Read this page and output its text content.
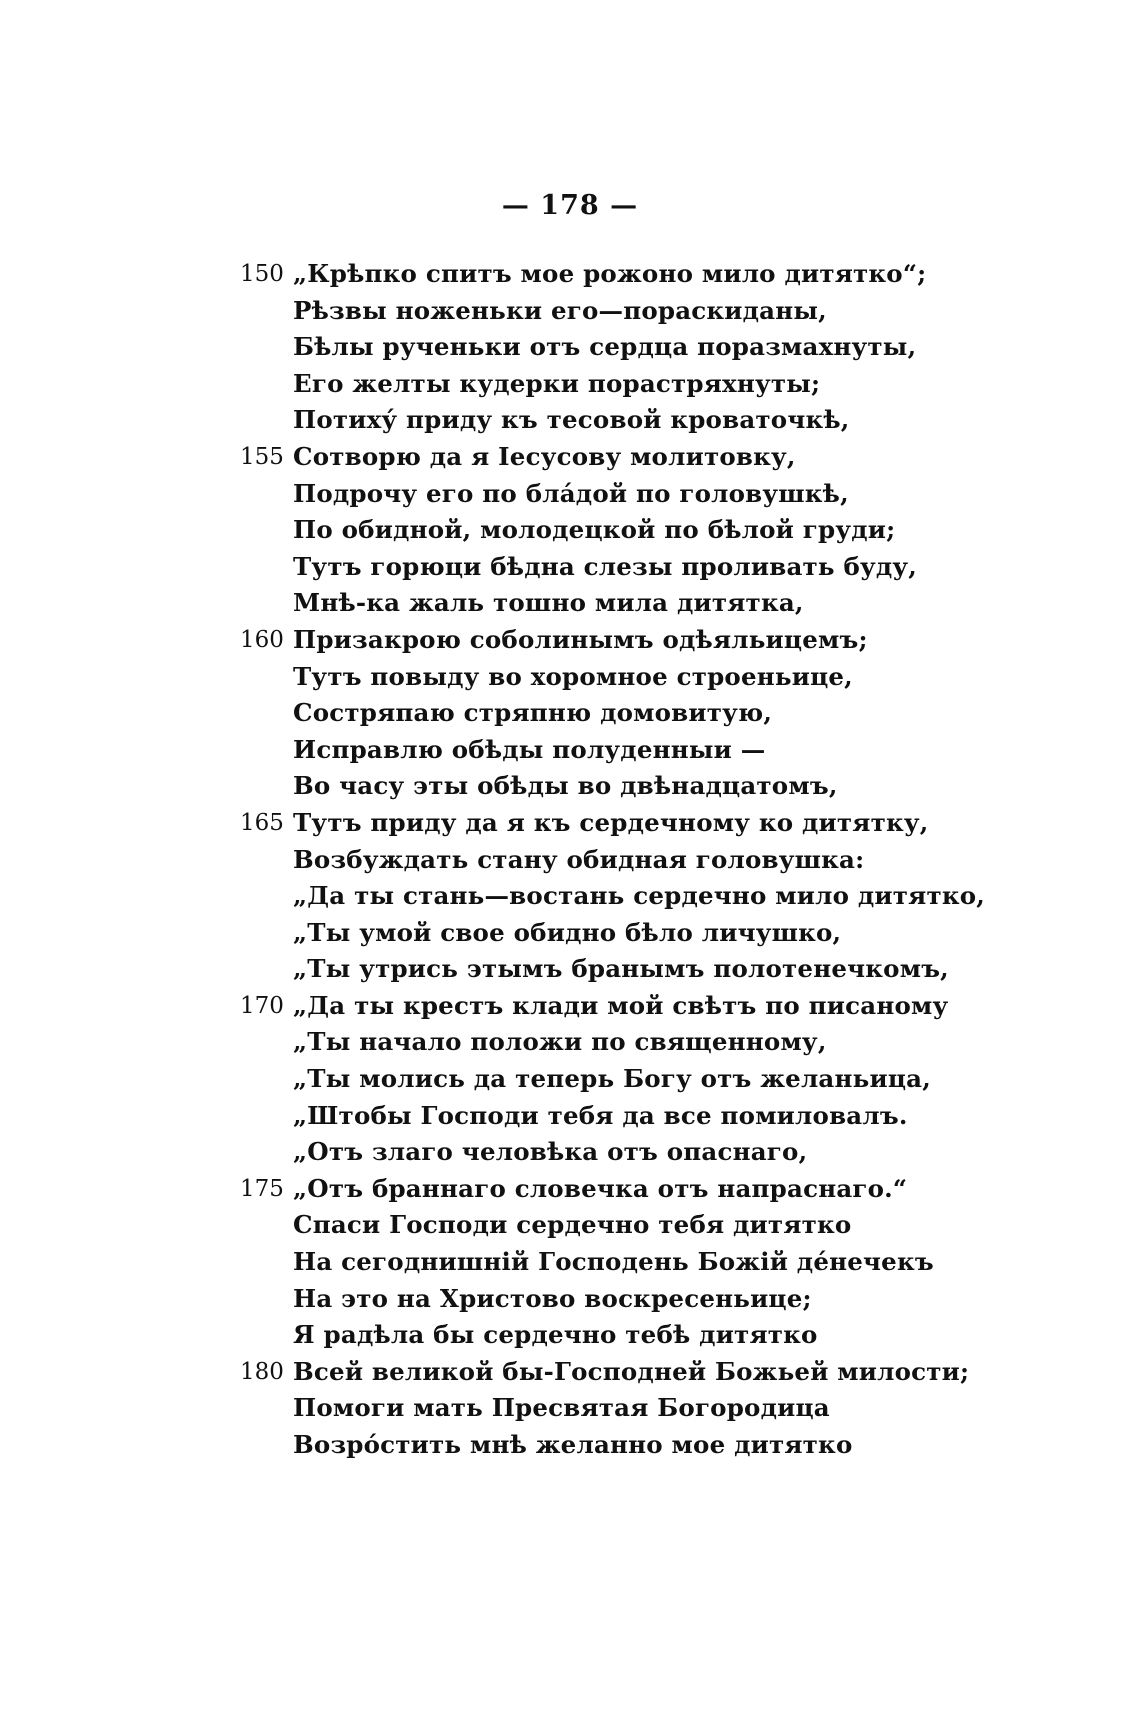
— 178 —
150 „Крѣпко спитъ мое рожоно мило дитятко“;
Рѣзвы ноженьки его—пораскиданы,
Бѣлы рученьки отъ сердца поразмахнуты,
Его желты кудерки порастряхнуты;
Потиху́ приду къ тесовой кроваточкѣ,
155 Сотворю да я Іесусову молитовку,
Подрочу его по бла́дой по головушкѣ,
По обидной, молодецкой по бѣлой груди;
Тутъ горюци бѣдна слезы проливать буду,
Мнѣ-ка жаль тошно мила дитятка,
160 Призакрою соболинымъ одѣяльицемъ;
Тутъ повыду во хоромное строеньице,
Состряпаю стряпню домовитую,
Исправлю обѣды полуденныи —
Во часу эты обѣды во двѣнадцатомъ,
165 Тутъ приду да я къ сердечному ко дитятку,
Возбуждать стану обидная головушка:
„Да ты стань—востань сердечно мило дитятко,
„Ты умой свое обидно бѣло личушко,
„Ты утрись этымъ бранымъ полотенечкомъ,
170 „Да ты крестъ клади мой свѣтъ по писаному
„Ты начало положи по священному,
„Ты молись да теперь Богу отъ желаньица,
„Штобы Господи тебя да все помиловалъ.
„Отъ злаго человѣка отъ опаснаго,
175 „Отъ браннаго словечка отъ напраснаго.“
Спаси Господи сердечно тебя дитятко
На сегоднишній Господень Божій де́нечекъ
На это на Христово воскресеньице;
Я радѣла бы сердечно тебѣ дитятко
180 Всей великой бы-Господней Божьей милости;
Помоги мать Пресвятая Богородица
Возро́стить мнѣ желанно мое дитятко
